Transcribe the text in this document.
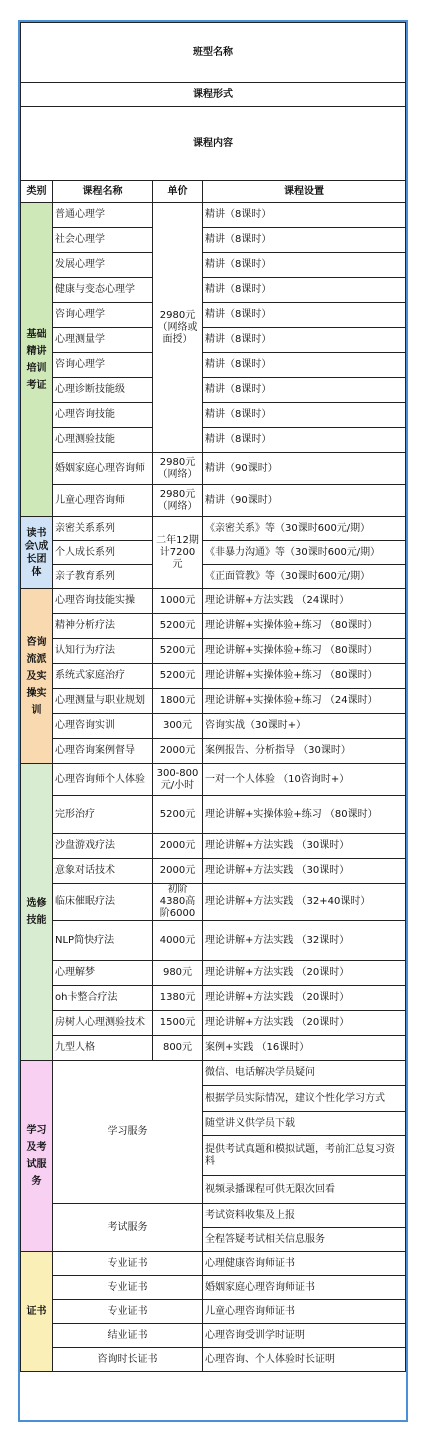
班型名称			
课程形式			
课程内容			
类别	课程名称	单价	课程设置
基础精讲培训考证	普通心理学	2980元（网络或面授）	精讲（8课时）
	社会心理学		精讲（8课时）
	发展心理学		精讲（8课时）
	健康与变态心理学		精讲（8课时）
	咨询心理学		精讲（8课时）
	心理测量学		精讲（8课时）
	咨询心理学		精讲（8课时）
	心理诊断技能级		精讲（8课时）
	心理咨询技能		精讲（8课时）
	心理测验技能		精讲（8课时）
	婚姻家庭心理咨询师	2980元（网络）	精讲（90课时）
	儿童心理咨询师	2980元（网络）	精讲（90课时）
读书会\成长团体	亲密关系系列	二年12期计7200元	《亲密关系》等（30课时600元/期）
	个人成长系列		《非暴力沟通》等（30课时600元/期）
	亲子教育系列		《正面管教》等（30课时600元/期）
咨询流派及实操实训	心理咨询技能实操	1000元	理论讲解+方法实践 （24课时）
	精神分析疗法	5200元	理论讲解+实操体验+练习 （80课时）
	认知行为疗法	5200元	理论讲解+实操体验+练习 （80课时）
	系统式家庭治疗	5200元	理论讲解+实操体验+练习 （80课时）
	心理测量与职业规划	1800元	理论讲解+实操体验+练习 （24课时）
	心理咨询实训	300元	咨询实战（30课时+）
	心理咨询案例督导	2000元	案例报告、分析指导 （30课时）
选修技能	心理咨询师个人体验	300-800元/小时	一对一个人体验 （10咨询时+）
	完形治疗	5200元	理论讲解+实操体验+练习 （80课时）
	沙盘游戏疗法	2000元	理论讲解+方法实践 （30课时）
	意象对话技术	2000元	理论讲解+方法实践 （30课时）
	临床催眠疗法	初阶4380高阶6000	理论讲解+方法实践 （32+40课时）
	NLP简快疗法	4000元	理论讲解+方法实践 （32课时）
	心理解梦	980元	理论讲解+方法实践 （20课时）
	oh卡整合疗法	1380元	理论讲解+方法实践 （20课时）
	房树人心理测验技术	1500元	理论讲解+方法实践 （20课时）
	九型人格	800元	案例+实践 （16课时）
学习及考试服务	学习服务		微信、电话解决学员疑问
			根据学员实际情况，建议个性化学习方式
			随堂讲义供学员下载
			提供考试真题和模拟试题，考前汇总复习资料
			视频录播课程可供无限次回看
	考试服务		考试资料收集及上报
			全程答疑考试相关信息服务
证书	专业证书		心理健康咨询师证书
	专业证书		婚姻家庭心理咨询师证书
	专业证书		儿童心理咨询师证书
	结业证书		心理咨询受训学时证明
	咨询时长证书		心理咨询、个人体验时长证明
